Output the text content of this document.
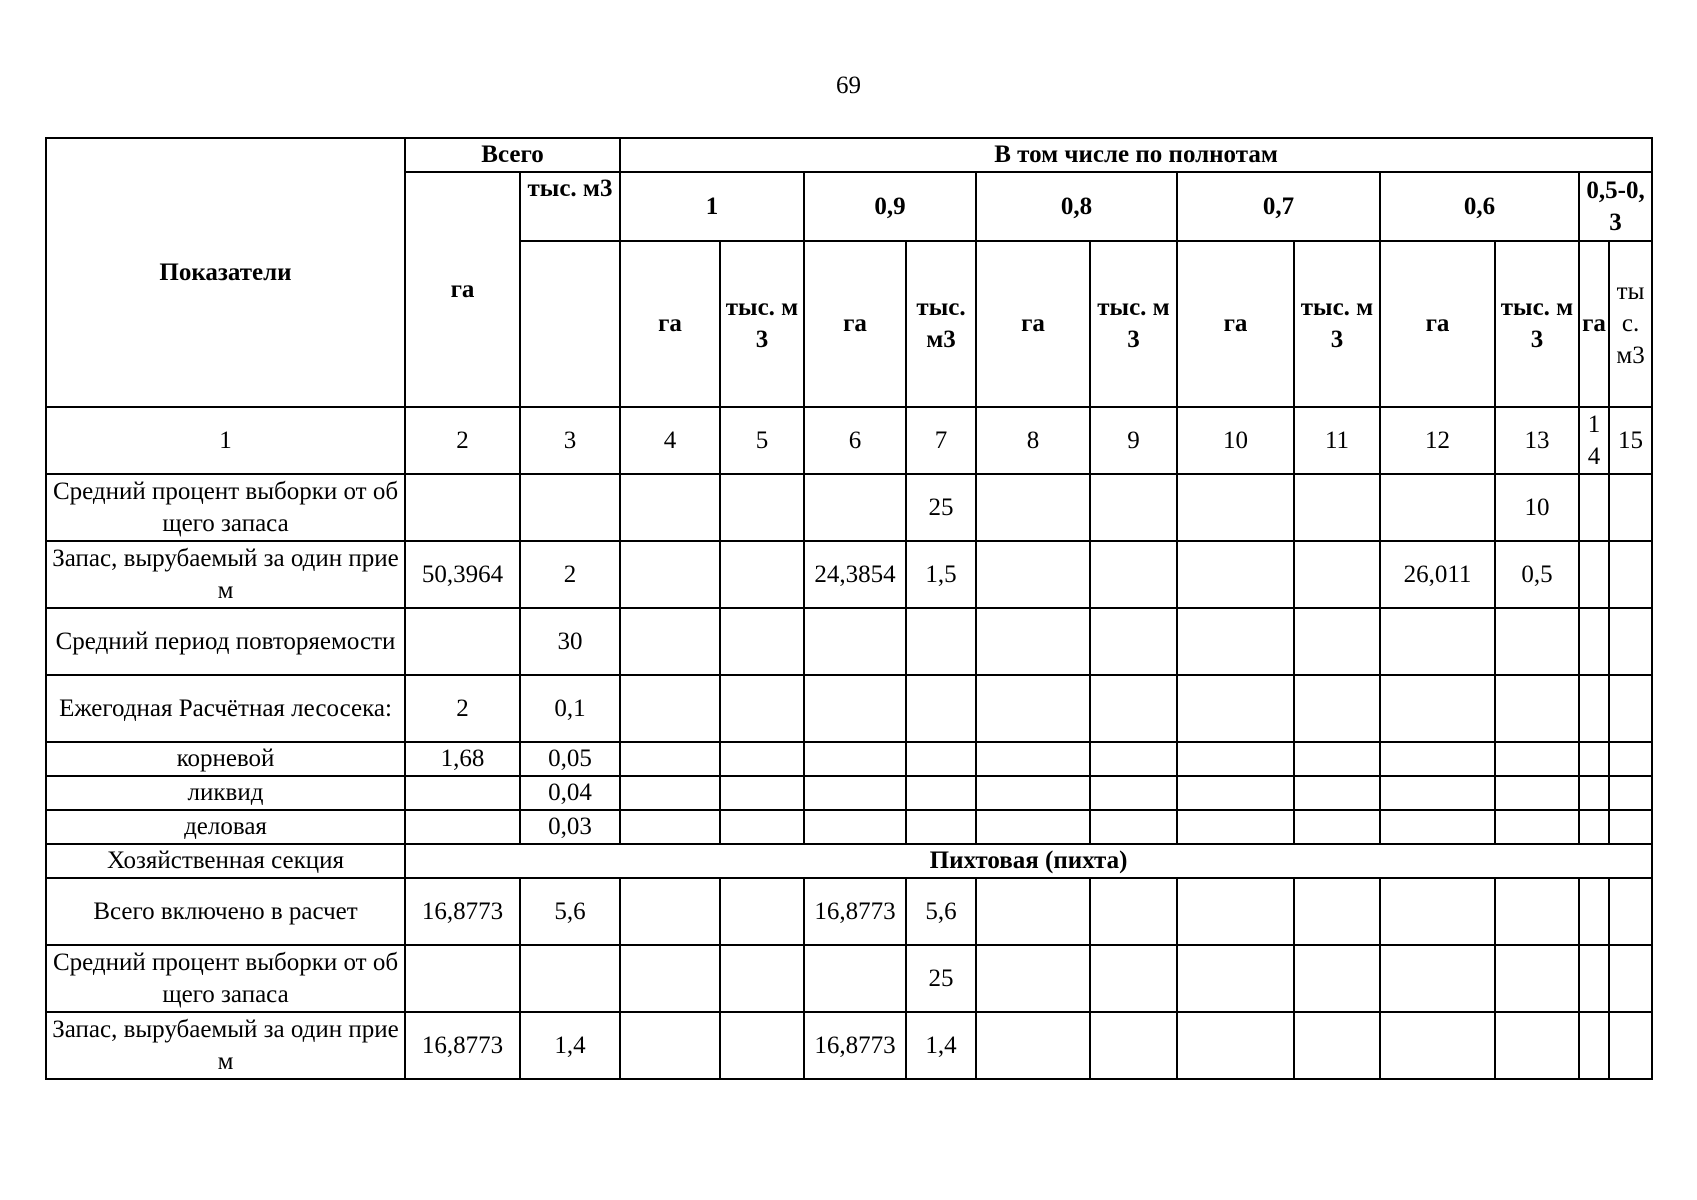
69
Показатели	Всего		В том числе по полнотам											
	га	тыс. м3	1		0,9		0,8		0,7		0,6		0,5-0,3	
			га	тыс. м3	га	тыс. м3	га	тыс. м3	га	тыс. м3	га	тыс. м3	га	тыс. м3
1	2	3	4	5	6	7	8	9	10	11	12	13	14	15
Средний процент выборки от общего запаса						25						10		
Запас, вырубаемый за один прием	50,3964	2			24,3854	1,5					26,011	0,5		
Средний период повторяемости		30												
Ежегодная Расчётная лесосека:	2	0,1												
корневой	1,68	0,05												
ликвид		0,04												
деловая		0,03												
Хозяйственная секция	Пихтовая (пихта)													
Всего включено в расчет	16,8773	5,6			16,8773	5,6								
Средний процент выборки от общего запаса						25								
Запас, вырубаемый за один прием	16,8773	1,4			16,8773	1,4								
